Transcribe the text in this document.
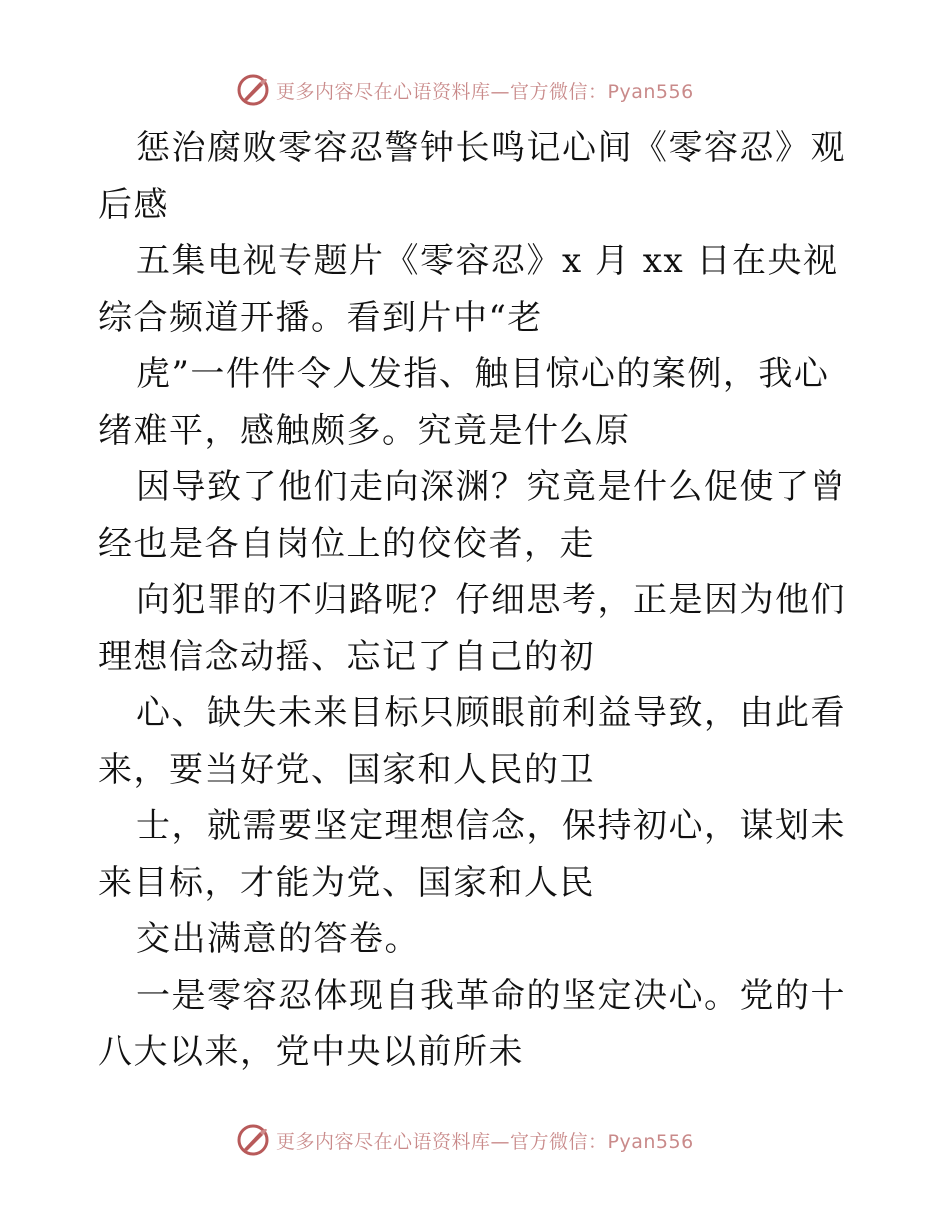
更多内容尽在心语资料库—官方微信：Pyan556

惩治腐败零容忍警钟长鸣记心间《零容忍》观后感

五集电视专题片《零容忍》x 月 xx 日在央视综合频道开播。看到片中“老

虎”一件件令人发指、触目惊心的案例，我心绪难平，感触颇多。究竟是什么原

因导致了他们走向深渊？究竟是什么促使了曾经也是各自岗位上的佼佼者，走

向犯罪的不归路呢？仔细思考，正是因为他们理想信念动摇、忘记了自己的初

心、缺失未来目标只顾眼前利益导致，由此看来，要当好党、国家和人民的卫

士，就需要坚定理想信念，保持初心，谋划未来目标，才能为党、国家和人民

交出满意的答卷。

一是零容忍体现自我革命的坚定决心。党的十八大以来，党中央以前所未

更多内容尽在心语资料库—官方微信：Pyan556
